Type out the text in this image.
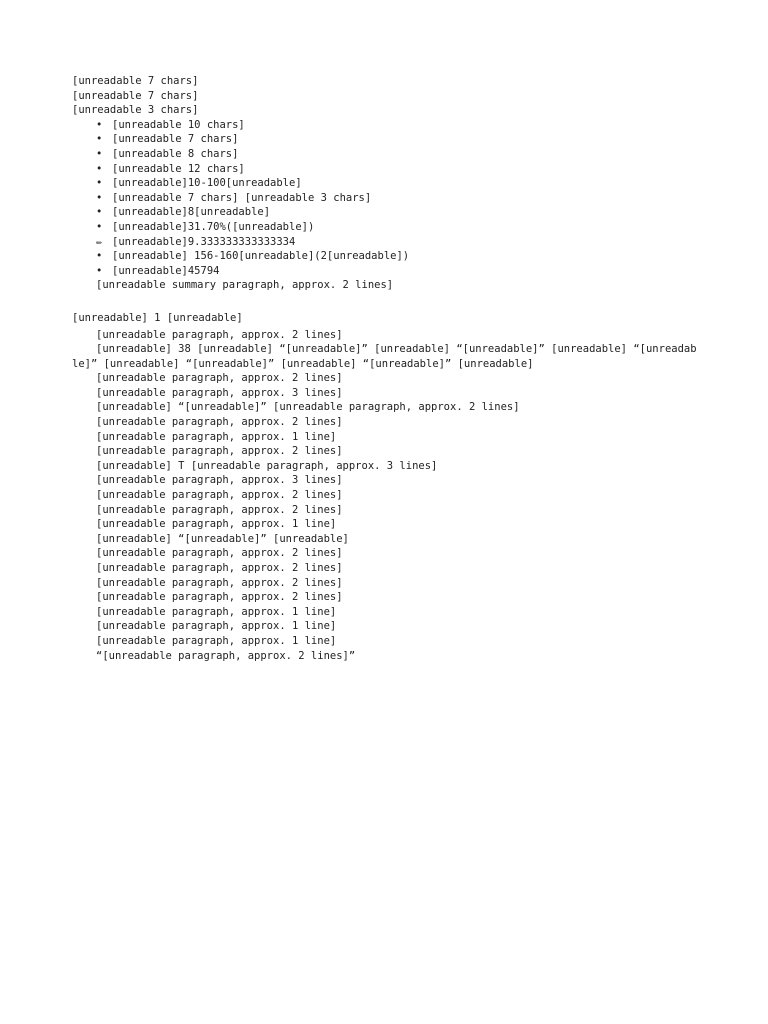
[unreadable 7 chars]
[unreadable 7 chars]
[unreadable 3 chars]
• [unreadable 10 chars]
• [unreadable 7 chars]
• [unreadable 8 chars]
• [unreadable 12 chars]
• [unreadable]10-100[unreadable]
• [unreadable 7 chars] [unreadable 3 chars]
• [unreadable]8[unreadable]
• [unreadable]31.70%([unreadable])
✏ [unreadable]9.333333333333334
• [unreadable] 156-160[unreadable](2[unreadable])
• [unreadable]45794
[unreadable summary paragraph, approx. 2 lines]
[unreadable] 1 [unreadable]

[unreadable paragraph, approx. 2 lines]

[unreadable] 38 [unreadable] “[unreadable]” [unreadable] “[unreadable]” [unreadable] “[unreadable]” [unreadable] “[unreadable]” [unreadable] “[unreadable]” [unreadable]

[unreadable paragraph, approx. 2 lines]

[unreadable paragraph, approx. 3 lines]

[unreadable] “[unreadable]” [unreadable paragraph, approx. 2 lines]

[unreadable paragraph, approx. 2 lines]

[unreadable paragraph, approx. 1 line]

[unreadable paragraph, approx. 2 lines]

[unreadable] T [unreadable paragraph, approx. 3 lines]

[unreadable paragraph, approx. 3 lines]

[unreadable paragraph, approx. 2 lines]

[unreadable paragraph, approx. 2 lines]

[unreadable paragraph, approx. 1 line]

[unreadable] “[unreadable]” [unreadable]

[unreadable paragraph, approx. 2 lines]

[unreadable paragraph, approx. 2 lines]

[unreadable paragraph, approx. 2 lines]

[unreadable paragraph, approx. 2 lines]

[unreadable paragraph, approx. 1 line]

[unreadable paragraph, approx. 1 line]

[unreadable paragraph, approx. 1 line]

“[unreadable paragraph, approx. 2 lines]”
